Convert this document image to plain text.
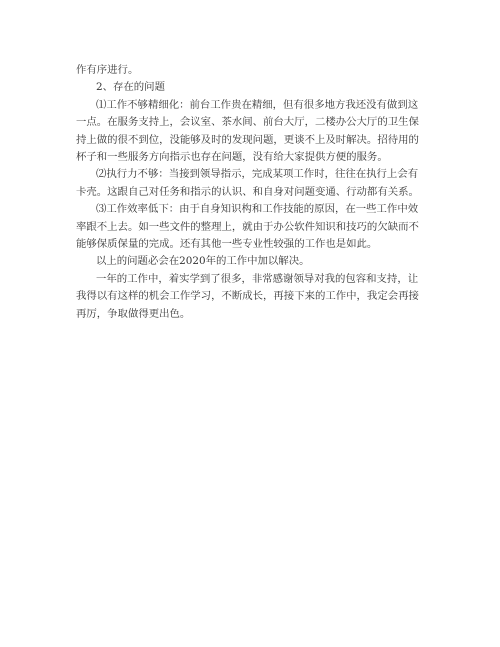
作有序进行。

2、存在的问题

⑴工作不够精细化：前台工作贵在精细，但有很多地方我还没有做到这一点。在服务支持上，会议室、茶水间、前台大厅，二楼办公大厅的卫生保持上做的很不到位，没能够及时的发现问题，更谈不上及时解决。招待用的杯子和一些服务方向指示也存在问题，没有给大家提供方便的服务。

⑵执行力不够：当接到领导指示，完成某项工作时，往往在执行上会有卡壳。这跟自己对任务和指示的认识、和自身对问题变通、行动都有关系。

⑶工作效率低下：由于自身知识构和工作技能的原因，在一些工作中效率跟不上去。如一些文件的整理上，就由于办公软件知识和技巧的欠缺而不能够保质保量的完成。还有其他一些专业性较强的工作也是如此。

以上的问题必会在2020年的工作中加以解决。

一年的工作中，着实学到了很多，非常感谢领导对我的包容和支持，让我得以有这样的机会工作学习，不断成长，再接下来的工作中，我定会再接再厉，争取做得更出色。
